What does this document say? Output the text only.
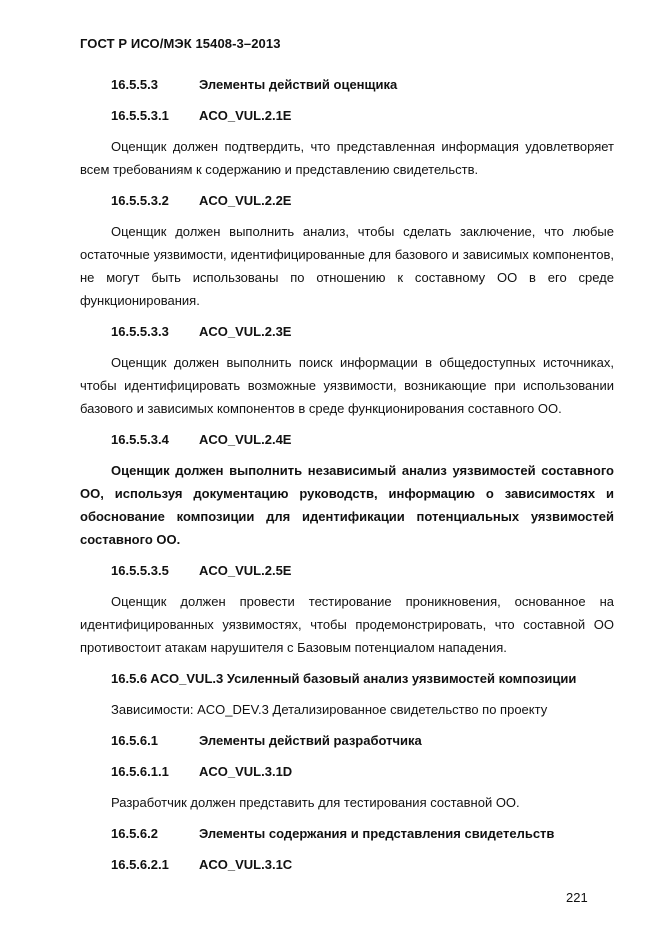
ГОСТ Р ИСО/МЭК 15408-3–2013
16.5.5.3	Элементы действий оценщика
16.5.5.3.1 ACO_VUL.2.1E

Оценщик должен подтвердить, что представленная информация удовлетворяет всем требованиям к содержанию и представлению свидетельств.

16.5.5.3.2 ACO_VUL.2.2E

Оценщик должен выполнить анализ, чтобы сделать заключение, что любые остаточные уязвимости, идентифицированные для базового и зависимых компонентов, не могут быть использованы по отношению к составному ОО в его среде функционирования.

16.5.5.3.3 ACO_VUL.2.3E

Оценщик должен выполнить поиск информации в общедоступных источниках, чтобы идентифицировать возможные уязвимости, возникающие при использовании базового и зависимых компонентов в среде функционирования составного ОО.

16.5.5.3.4 ACO_VUL.2.4E

Оценщик должен выполнить независимый анализ уязвимостей составного ОО, используя документацию руководств, информацию о зависимостях и обоснование композиции для идентификации потенциальных уязвимостей составного ОО.

16.5.5.3.5 ACO_VUL.2.5E

Оценщик должен провести тестирование проникновения, основанное на идентифицированных уязвимостях, чтобы продемонстрировать, что составной ОО противостоит атакам нарушителя с Базовым потенциалом нападения.

16.5.6 ACO_VUL.3 Усиленный базовый анализ уязвимостей композиции
Зависимости: ACO_DEV.3 Детализированное свидетельство по проекту
16.5.6.1	Элементы действий разработчика
16.5.6.1.1 ACO_VUL.3.1D
Разработчик должен представить для тестирования составной ОО.
16.5.6.2	Элементы содержания и представления свидетельств
16.5.6.2.1 ACO_VUL.3.1C
221
